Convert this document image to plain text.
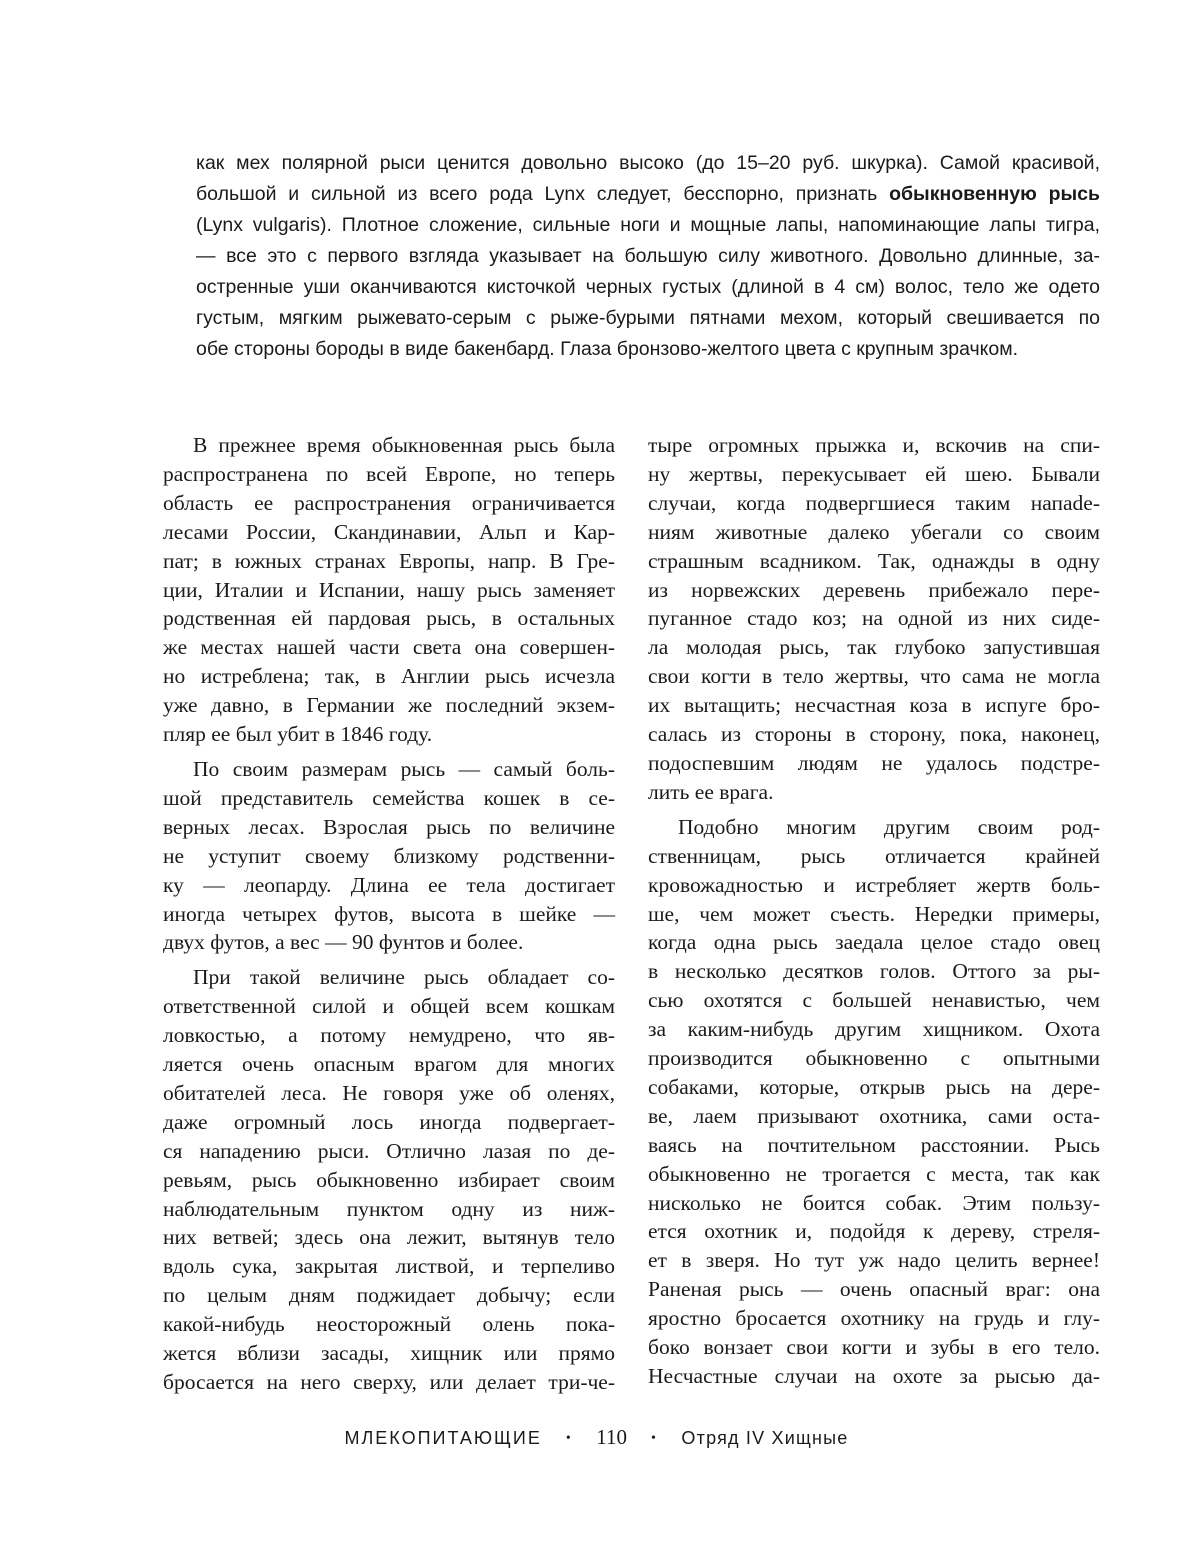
как мех полярной рыси ценится довольно высоко (до 15–20 руб. шкурка). Самой красивой,
большой и сильной из всего рода Lynx следует, бесспорно, признать обыкновенную рысь
(Lynx vulgaris). Плотное сложение, сильные ноги и мощные лапы, напоминающие лапы тигра,
— все это с первого взгляда указывает на большую силу животного. Довольно длинные, за-
остренные уши оканчиваются кисточкой черных густых (длиной в 4 см) волос, тело же одето
густым, мягким рыжевато-серым с рыже-бурыми пятнами мехом, который свешивается по
обе стороны бороды в виде бакенбард. Глаза бронзово-желтого цвета с крупным зрачком.
В прежнее время обыкновенная рысь была
распространена по всей Европе, но теперь
область ее распространения ограничивается
лесами России, Скандинавии, Альп и Кар-
пат; в южных странах Европы, напр. В Гре-
ции, Италии и Испании, нашу рысь заменяет
родственная ей пардовая рысь, в остальных
же местах нашей части света она совершен-
но истреблена; так, в Англии рысь исчезла
уже давно, в Германии же последний экзем-
пляр ее был убит в 1846 году.
По своим размерам рысь — самый боль-
шой представитель семейства кошек в се-
верных лесах. Взрослая рысь по величине
не уступит своему близкому родственни-
ку — леопарду. Длина ее тела достигает
иногда четырех футов, высота в шейке —
двух футов, а вес — 90 фунтов и более.
При такой величине рысь обладает со-
ответственной силой и общей всем кошкам
ловкостью, а потому немудрено, что яв-
ляется очень опасным врагом для многих
обитателей леса. Не говоря уже об оленях,
даже огромный лось иногда подвергает-
ся нападению рыси. Отлично лазая по де-
ревьям, рысь обыкновенно избирает своим
наблюдательным пунктом одну из ниж-
них ветвей; здесь она лежит, вытянув тело
вдоль сука, закрытая листвой, и терпеливо
по целым дням поджидает добычу; если
какой-нибудь неосторожный олень пока-
жется вблизи засады, хищник или прямо
бросается на него сверху, или делает три-че-
тыре огромных прыжка и, вскочив на спи-
ну жертвы, перекусывает ей шею. Бывали
случаи, когда подвергшиеся таким напade-
ниям животные далеко убегали со своим
страшным всадником. Так, однажды в одну
из норвежских деревень прибежало пере-
пуганное стадо коз; на одной из них сиде-
ла молодая рысь, так глубоко запустившая
свои когти в тело жертвы, что сама не могла
их вытащить; несчастная коза в испуге бро-
салась из стороны в сторону, пока, наконец,
подоспевшим людям не удалось подстре-
лить ее врага.
Подобно многим другим своим род-
ственницам, рысь отличается крайней
кровожадностью и истребляет жертв боль-
ше, чем может съесть. Нередки примеры,
когда одна рысь заедала целое стадо овец
в несколько десятков голов. Оттого за ры-
сью охотятся с большей ненавистью, чем
за каким-нибудь другим хищником. Охота
производится обыкновенно с опытными
собаками, которые, открыв рысь на дере-
ве, лаем призывают охотника, сами оста-
ваясь на почтительном расстоянии. Рысь
обыкновенно не трогается с места, так как
нисколько не боится собак. Этим пользу-
ется охотник и, подойдя к дереву, стреля-
ет в зверя. Но тут уж надо целить вернее!
Раненая рысь — очень опасный враг: она
яростно бросается охотнику на грудь и глу-
боко вонзает свои когти и зубы в его тело.
Несчастные случаи на охоте за рысью да-
МЛЕКОПИТАЮЩИЕ • 110 • Отряд IV Хищные
